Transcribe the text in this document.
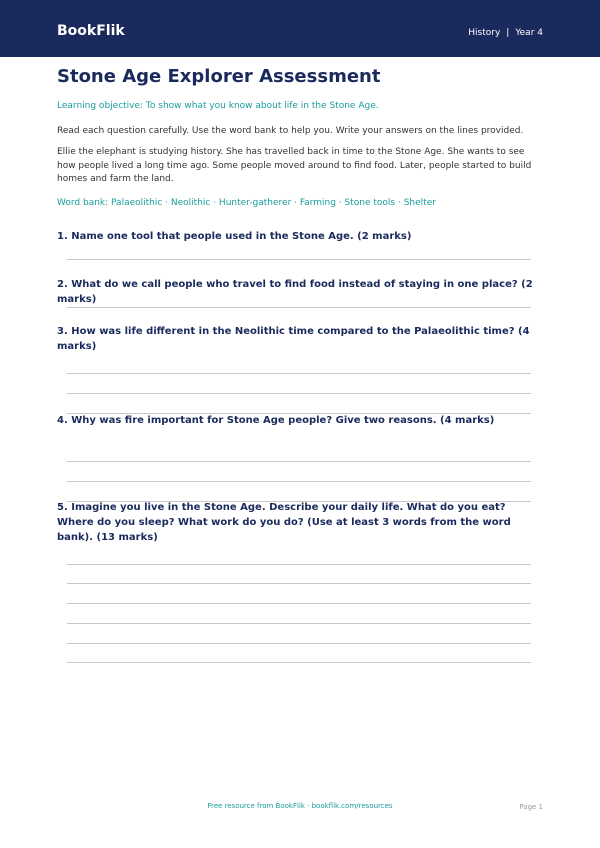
BookFlik	History | Year 4
Stone Age Explorer Assessment
Learning objective: To show what you know about life in the Stone Age.
Read each question carefully. Use the word bank to help you. Write your answers on the lines provided.
Ellie the elephant is studying history. She has travelled back in time to the Stone Age. She wants to see how people lived a long time ago. Some people moved around to find food. Later, people started to build homes and farm the land.
Word bank: Palaeolithic · Neolithic · Hunter-gatherer · Farming · Stone tools · Shelter
1. Name one tool that people used in the Stone Age. (2 marks)
2. What do we call people who travel to find food instead of staying in one place? (2 marks)
3. How was life different in the Neolithic time compared to the Palaeolithic time? (4 marks)
4. Why was fire important for Stone Age people? Give two reasons. (4 marks)
5. Imagine you live in the Stone Age. Describe your daily life. What do you eat? Where do you sleep? What work do you do? (Use at least 3 words from the word bank). (13 marks)
Free resource from BookFlik · bookflik.com/resources	Page 1
